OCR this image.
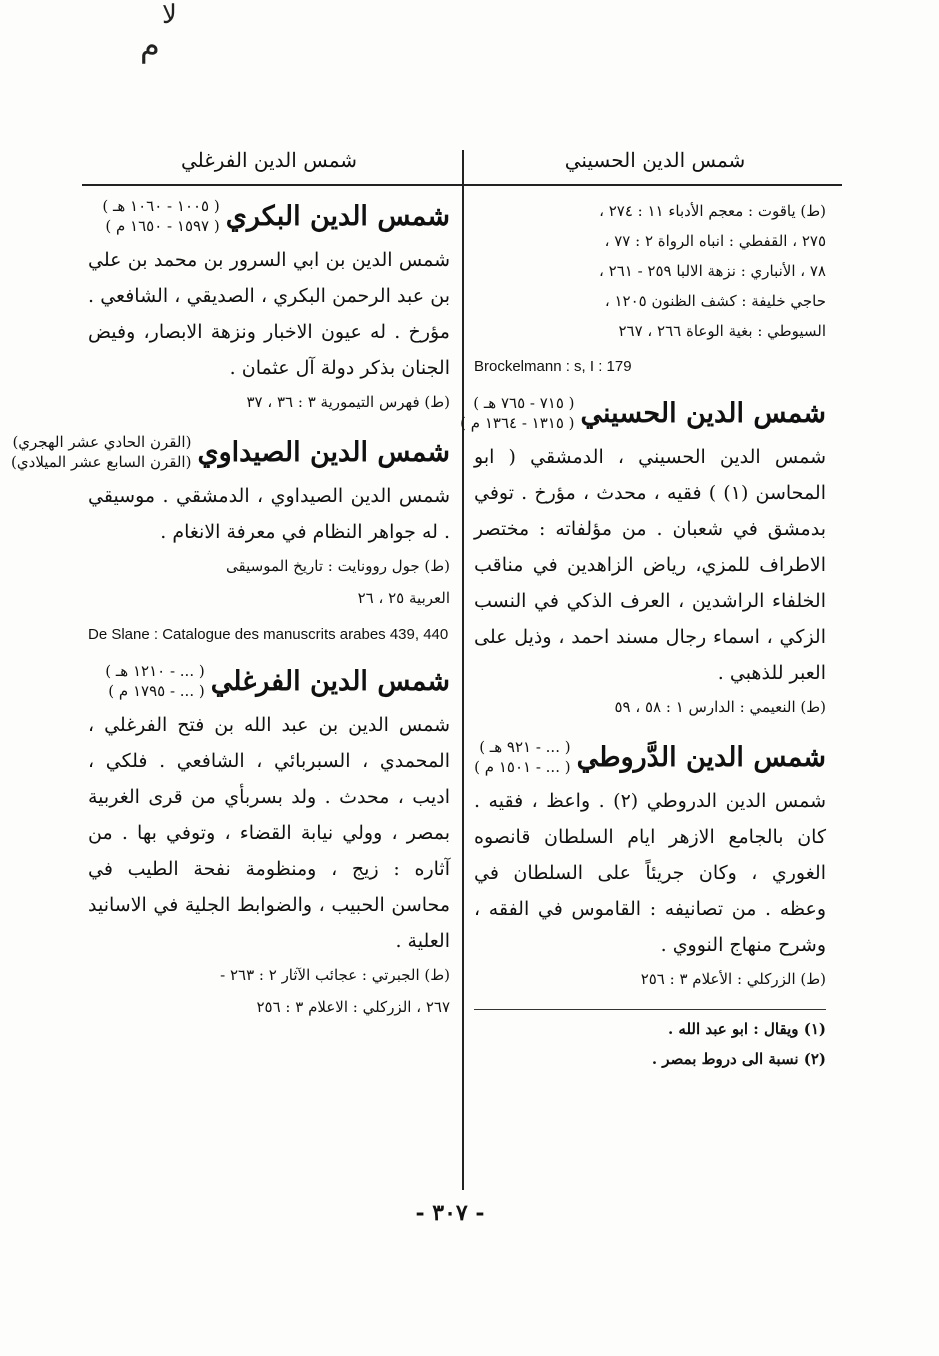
ﻻ
ﻡ
شمس الدين الفرغلي	شمس الدين الحسيني

(ط) ياقوت : معجم الأدباء ١١ : ٢٧٤ ،

٢٧٥ ، القفطي : انباه الرواة ٢ : ٧٧ ،

٧٨ ، الأنباري : نزهة الالبا ٢٥٩ - ٢٦١ ،

حاجي خليفة : كشف الظنون ١٢٠٥ ،

السيوطي : بغية الوعاة ٢٦٦ ، ٢٦٧

Brockelmann : s, I : 179
شمس الدين الحسيني
( ٧١٥ - ٧٦٥ هـ )
( ١٣١٥ - ١٣٦٤ م )

شمس الدين الحسيني ، الدمشقي ( ابو المحاسن (١) ) فقيه ، محدث ، مؤرخ . توفي بدمشق في شعبان . من مؤلفاته : مختصر الاطراف للمزي، رياض الزاهدين في مناقب الخلفاء الراشدين ، العرف الذكي في النسب الزكي ، اسماء رجال مسند احمد ، وذيل على العبر للذهبي .

(ط) النعيمي : الدارس ١ : ٥٨ ، ٥٩

شمس الدين الدَّروطي
( ... - ٩٢١ هـ )
( ... - ١٥٠١ م )

شمس الدين الدروطي (٢) . واعظ ، فقيه . كان بالجامع الازهر ايام السلطان قانصوه الغوري ، وكان جريئاً على السلطان في وعظه . من تصانيفه : القاموس في الفقه ، وشرح منهاج النووي .

(ط) الزركلي : الأعلام ٣ : ٢٥٦

(١) ويقال : ابو عبد الله .
(٢) نسبة الى دروط بمصر .
شمس الدين البكري
( ١٠٠٥ - ١٠٦٠ هـ )
( ١٥٩٧ - ١٦٥٠ م )

شمس الدين بن ابي السرور بن محمد بن علي بن عبد الرحمن البكري ، الصديقي ، الشافعي . مؤرخ . له عيون الاخبار ونزهة الابصار، وفيض الجنان بذكر دولة آل عثمان .

(ط) فهرس التيمورية ٣ : ٣٦ ، ٣٧

شمس الدين الصيداوي
(القرن الحادي عشر الهجري)
(القرن السابع عشر الميلادي)

شمس الدين الصيداوي ، الدمشقي . موسيقي . له جواهر النظام في معرفة الانغام .

(ط) جول روونايت : تاريخ الموسيقى

العربية ٢٥ ، ٢٦

De Slane : Catalogue des manuscrits arabes 439, 440
شمس الدين الفرغلي
( ... - ١٢١٠ هـ )
( ... - ١٧٩٥ م )

شمس الدين بن عبد الله بن فتح الفرغلي ، المحمدي ، السبربائي ، الشافعي . فلكي ، اديب ، محدث . ولد بسربأي من قرى الغربية بمصر ، وولي نيابة القضاء ، وتوفي بها . من آثاره : زيج ، ومنظومة نفحة الطيب في محاسن الحبيب ، والضوابط الجلية في الاسانيد العلية .

(ط) الجبرتي : عجائب الآثار ٢ : ٢٦٣ -

٢٦٧ ، الزركلي : الاعلام ٣ : ٢٥٦

- ٣٠٧ -
